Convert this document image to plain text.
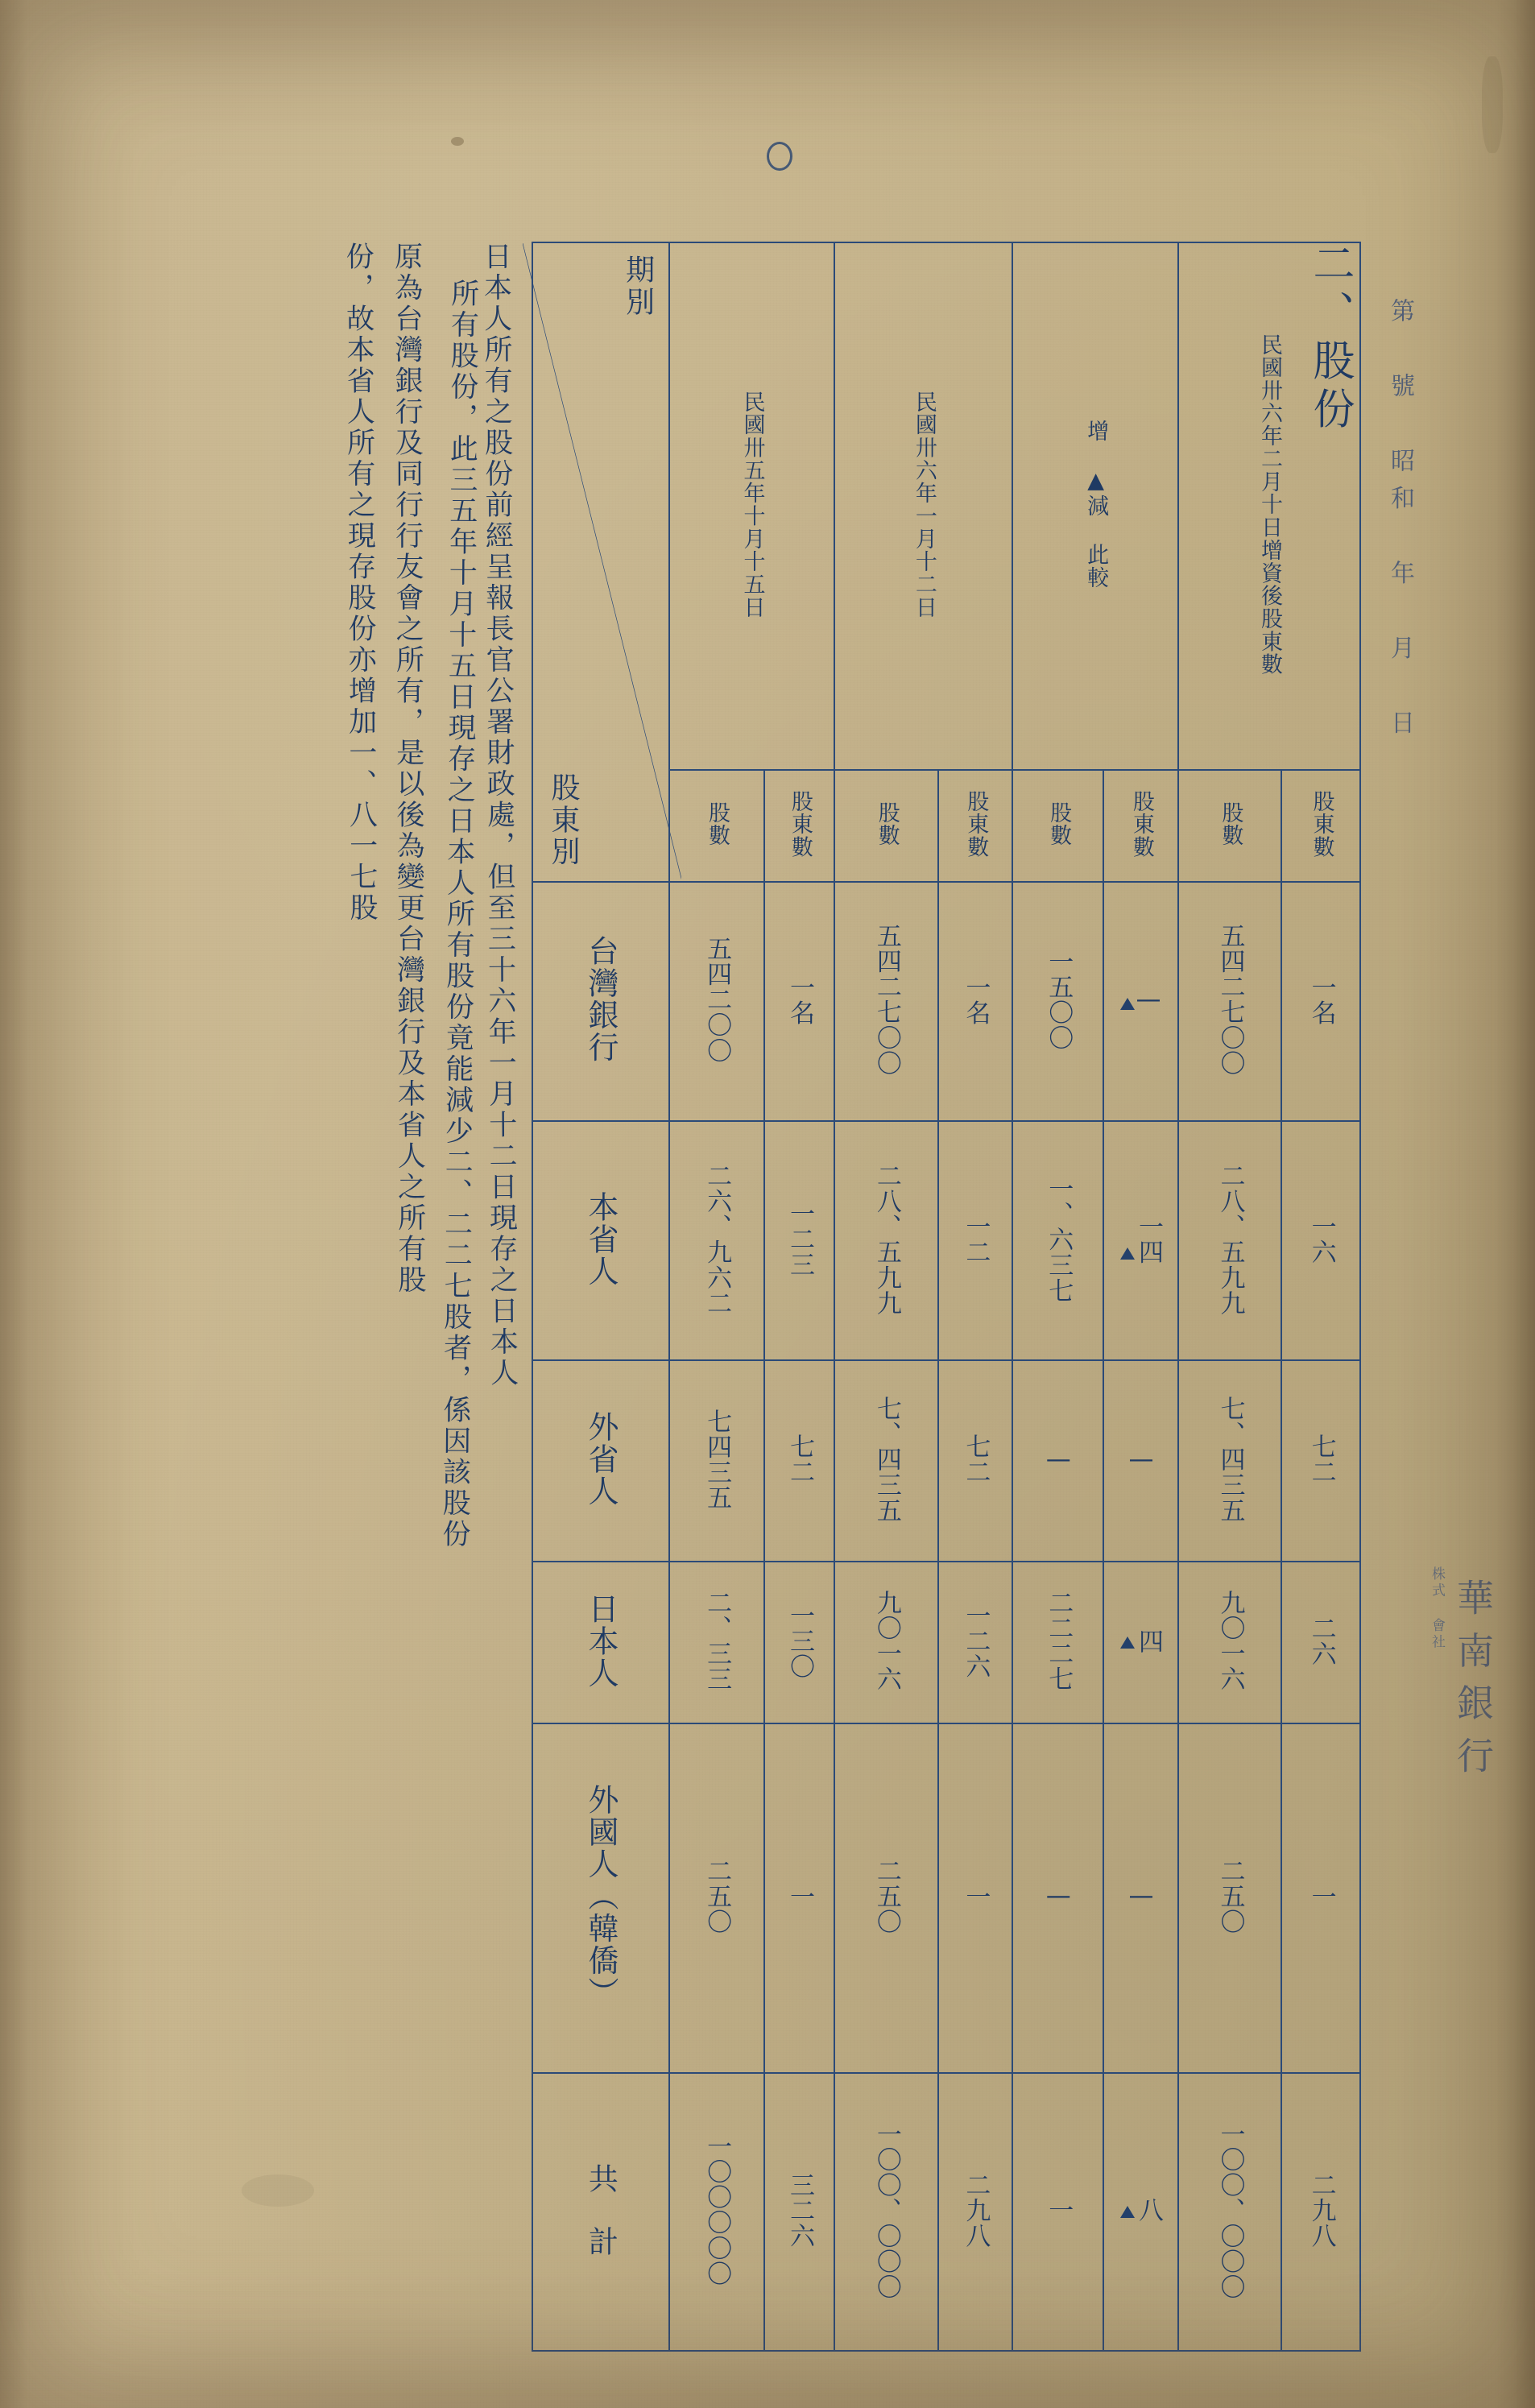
第　號　昭和　年　月　日
華南銀行
株式 會社
二、股份
期別
股東別	民國卅五年十月十五日		民國卅六年一月十二日		增 ▲減 此較		民國卅六年二月十日增資後股東數	
	股數	股東數	股數	股東數	股數	股東數	股數	股東數
台灣銀行	五四二〇〇	一名	五四二七〇〇	一名	一五〇〇	—	五四二七〇〇	一名
本省人	二六、九六二	一二三	二八、五九九	一二	一、六三七	一四	二八、五九九	一六
外省人	七四三五	七二	七、四三五	七二	—	—	七、四三五	七二
日本人	二、三三	一三〇	九〇一六	一二六	二二二七	四	九〇一六	二六
外國人（韓僑）	二五〇	一	二五〇	一	—	—	二五〇	一
共　計	一〇〇〇〇〇	三二六	一〇〇、〇〇〇	二九八	一	八	一〇〇、〇〇〇	二九八
日本人所有之股份前經呈報長官公署財政處，但至三十六年一月十二日現存之日本人
所有股份，此三五年十月十五日現存之日本人所有股份竟能減少二、二二七股者，係因該股份
原為台灣銀行及同行行友會之所有，是以後為變更台灣銀行及本省人之所有股
份，故本省人所有之現存股份亦增加一、八一七股
